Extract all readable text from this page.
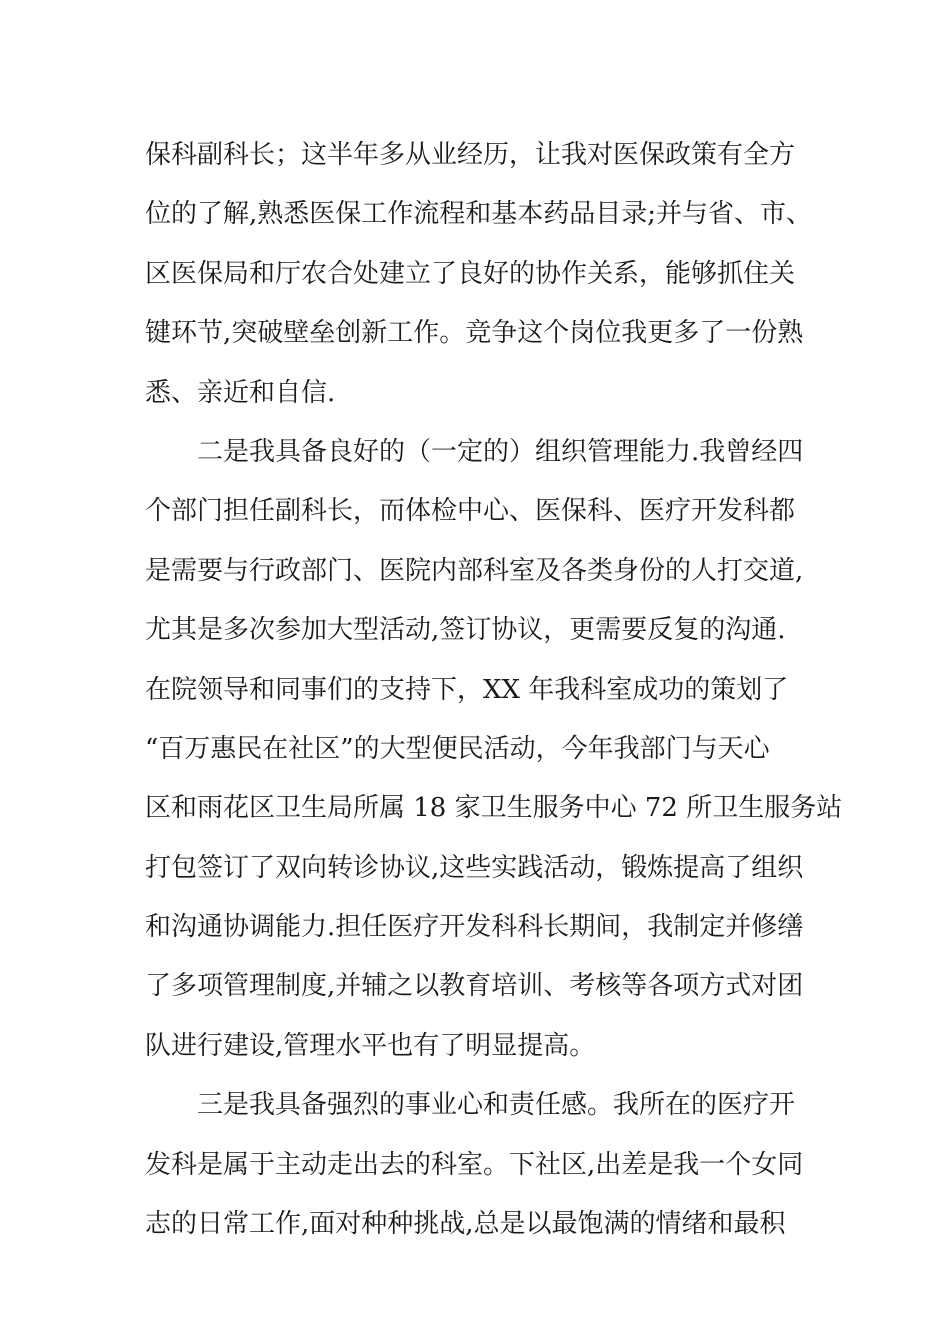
保科副科长；这半年多从业经历，让我对医保政策有全方
位的了解,熟悉医保工作流程和基本药品目录;并与省、市、
区医保局和厅农合处建立了良好的协作关系，能够抓住关
键环节,突破壁垒创新工作。竞争这个岗位我更多了一份熟
悉、亲近和自信.
　　二是我具备良好的（一定的）组织管理能力.我曾经四
个部门担任副科长，而体检中心、医保科、医疗开发科都
是需要与行政部门、医院内部科室及各类身份的人打交道,
尤其是多次参加大型活动,签订协议，更需要反复的沟通.
在院领导和同事们的支持下，XX 年我科室成功的策划了
“百万惠民在社区”的大型便民活动，今年我部门与天心
区和雨花区卫生局所属 18 家卫生服务中心 72 所卫生服务站
打包签订了双向转诊协议,这些实践活动，锻炼提高了组织
和沟通协调能力.担任医疗开发科科长期间，我制定并修缮
了多项管理制度,并辅之以教育培训、考核等各项方式对团
队进行建设,管理水平也有了明显提高。
　　三是我具备强烈的事业心和责任感。我所在的医疗开
发科是属于主动走出去的科室。下社区,出差是我一个女同
志的日常工作,面对种种挑战,总是以最饱满的情绪和最积
